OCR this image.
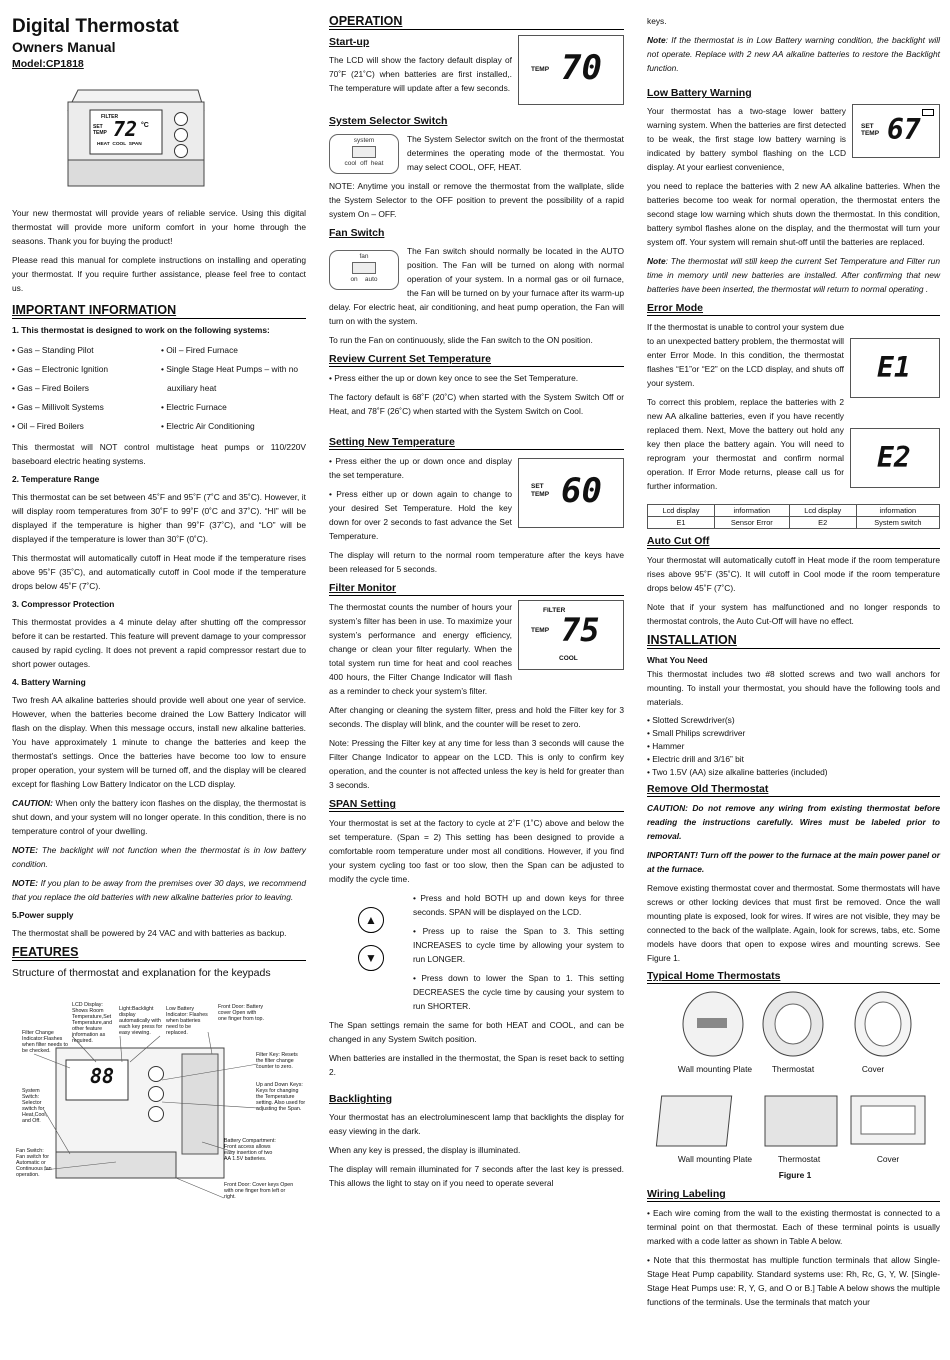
Digital Thermostat
Owners Manual
Model:CP1818
FILTER
SET
TEMP 72 °C
HEAT  COOL  SPAN

Your new thermostat will provide years of reliable service. Using this digital thermostat will provide more uniform comfort in your home through the seasons. Thank you for buying the product!

Please read this manual for complete instructions on installing and operating your thermostat. If you require further assistance, please feel free to contact us.

IMPORTANT INFORMATION
1. This thermostat is designed to work on the following systems:
• Gas – Standing Pilot	• Oil – Fired Furnace
• Gas – Electronic Ignition	• Single Stage Heat Pumps – with no
• Gas – Fired Boilers	auxiliary heat
• Gas – Millivolt Systems	• Electric Furnace
• Oil – Fired Boilers	• Electric Air Conditioning

This thermostat will NOT control multistage heat pumps or 110/220V baseboard electric heating systems.

2. Temperature Range

This thermostat can be set between 45˚F and 95˚F (7˚C and 35˚C). However, it will display room temperatures from 30˚F to 99˚F (0˚C and 37˚C). “HI” will be displayed if the temperature is higher than 99˚F (37˚C), and “LO” will be displayed if the temperature is lower than 30˚F (0˚C).

This thermostat will automatically cutoff in Heat mode if the temperature rises above 95˚F (35˚C), and automatically cutoff in Cool mode if the temperature drops below 45˚F (7˚C).

3. Compressor Protection

This thermostat provides a 4 minute delay after shutting off the compressor before it can be restarted. This feature will prevent damage to your compressor caused by rapid cycling. It does not prevent a rapid compressor restart due to short power outages.

4. Battery Warning

Two fresh AA alkaline batteries should provide well about one year of service. However, when the batteries become drained the Low Battery Indicator will flash on the display. When this message occurs, install new alkaline batteries. You have approximately 1 minute to change the batteries and keep the thermostat’s settings. Once the batteries have become too low to ensure proper operation, your system will be turned off, and the display will be cleared except for flashing Low Battery Indicator on the LCD display.

CAUTION: When only the battery icon flashes on the display, the thermostat is shut down, and your system will no longer operate. In this condition, there is no temperature control of your dwelling.

NOTE: The backlight will not function when the thermostat is in low battery condition.

NOTE: If you plan to be away from the premises over 30 days, we recommend that you replace the old batteries with new alkaline batteries prior to leaving.

5.Power supply

The thermostat shall be powered by 24 VAC and with batteries as backup.

FEATURES

Structure of thermostat and explanation for the keypads

88
LCD Display: Shows Room Temperature,Set Temperature,and other feature information as required.
Light:Backlight display automatically with each key press for easy viewing.
Low Battery Indicator: Flashes when batteries need to be replaced.
Front Door: Battery cover Open with one finger from top.
Filter Change Indicator:Flashes when filter needs to be checked.
Filter Key: Resets the filter change counter to zero.
Up and Down Keys: Keys for changing the Temperature setting. Also used for adjusting the Span.
System Switch: Selector switch for Heat,Cool, and Off.
Battery Compartment: Front access allows easy insertion of two AA 1.5V batteries.
Fan Switch: Fan switch for Automatic or Continuous fan operation.
Front Door: Cover keys Open with one finger from left or right.
OPERATION
TEMP 70
Start-up

The LCD will show the factory default display of 70˚F (21˚C) when batteries are first installed,. The temperature will update after a few seconds.

System Selector Switch
system
cool  off  heat

The System Selector switch on the front of the thermostat determines the operating mode of the thermostat. You may select COOL, OFF, HEAT.

NOTE: Anytime you install or remove the thermostat from the wallplate, slide the System Selector to the OFF position to prevent the possibility of a rapid system On – OFF.

Fan Switch
fan
on    auto

The Fan switch should normally be located in the AUTO position. The Fan will be turned on along with normal operation of your system. In a normal gas or oil furnace, the Fan will be turned on by your furnace after its warm-up delay. For electric heat, air conditioning, and heat pump operation, the Fan will turn on with the system.

To run the Fan on continuously, slide the Fan switch to the ON position.

Review Current Set Temperature

• Press either the up or down key once to see the Set Temperature.

The factory default is 68˚F (20˚C) when started with the System Switch Off or Heat, and 78˚F (26˚C) when started with the System Switch on Cool.

Setting New Temperature
SET
TEMP 60

• Press either the up or down once and display the set temperature.

• Press either up or down again to change to your desired Set Temperature. Hold the key down for over 2 seconds to fast advance the Set Temperature.

The display will return to the normal room temperature after the keys have been released for 5 seconds.

Filter Monitor
FILTER
TEMP 75
COOL

The thermostat counts the number of hours your system’s filter has been in use. To maximize your system’s performance and energy efficiency, change or clean your filter regularly. When the total system run time for heat and cool reaches 400 hours, the Filter Change Indicator will flash as a reminder to check your system’s filter.

After changing or cleaning the system filter, press and hold the Filter key for 3 seconds. The display will blink, and the counter will be reset to zero.

Note: Pressing the Filter key at any time for less than 3 seconds will cause the Filter Change Indicator to appear on the LCD. This is only to confirm key operation, and the counter is not affected unless the key is held for greater than 3 seconds.

SPAN Setting

Your thermostat is set at the factory to cycle at 2˚F (1˚C) above and below the set temperature. (Span = 2) This setting has been designed to provide a comfortable room temperature under most all conditions. However, if you find your system cycling too fast or too slow, then the Span can be adjusted to modify the cycle time.

▲
▼

• Press and hold BOTH up and down keys for three seconds. SPAN will be displayed on the LCD.

• Press up to raise the Span to 3. This setting INCREASES to cycle time by allowing your system to run LONGER.

• Press down to lower the Span to 1. This setting DECREASES the cycle time by causing your system to run SHORTER.

The Span settings remain the same for both HEAT and COOL, and can be changed in any System Switch position.

When batteries are installed in the thermostat, the Span is reset back to setting 2.

Backlighting

Your thermostat has an electroluminescent lamp that backlights the display for easy viewing in the dark.

When any key is pressed, the display is illuminated.

The display will remain illuminated for 7 seconds after the last key is pressed. This allows the light to stay on if you need to operate several

keys.

Note: If the thermostat is in Low Battery warning condition, the backlight will not operate. Replace with 2 new AA alkaline batteries to restore the Backlight function.

Low Battery Warning
SET
TEMP 67

Your thermostat has a two-stage lower battery warning system. When the batteries are first detected to be weak, the first stage low battery warning is indicated by battery symbol flashing on the LCD display. At your earliest convenience,

you need to replace the batteries with 2 new AA alkaline batteries. When the batteries become too weak for normal operation, the thermostat enters the second stage low warning which shuts down the thermostat. In this condition, battery symbol flashes alone on the display, and the thermostat will turn your system off. Your system will remain shut-off until the batteries are replaced.

Note: The thermostat will still keep the current Set Temperature and Filter run time in memory until new batteries are installed. After confirming that new batteries have been inserted, the thermostat will return to normal operating .

Error Mode
E1
E2

If the thermostat is unable to control your system due to an unexpected battery problem, the thermostat will enter Error Mode. In this condition, the thermostat flashes “E1”or “E2” on the LCD display, and shuts off your system.

To correct this problem, replace the batteries with 2 new AA alkaline batteries, even if you have recently replaced them. Next, Move the battery out hold any key then place the battery again. You will need to reprogram your thermostat and confirm normal operation. If Error Mode returns, please call us for further information.

Lcd display	information	Lcd display	information
E1	Sensor Error	E2	System switch
Auto Cut Off

Your thermostat will automatically cutoff in Heat mode if the room temperature rises above 95˚F (35˚C). It will cutoff in Cool mode if the room temperature drops below 45˚F (7˚C).

Note that if your system has malfunctioned and no longer responds to thermostat controls, the Auto Cut-Off will have no effect.

INSTALLATION
What You Need

This thermostat includes two #8 slotted screws and two wall anchors for mounting. To install your thermostat, you should have the following tools and materials.

• Slotted Screwdriver(s)
• Small Philips screwdriver
• Hammer
• Electric drill and 3/16” bit
• Two 1.5V (AA) size alkaline batteries (included)
Remove Old Thermostat

CAUTION: Do not remove any wiring from existing thermostat before reading the instructions carefully. Wires must be labeled prior to removal.

INPORTANT! Turn off the power to the furnace at the main power panel or at the furnace.

Remove existing thermostat cover and thermostat. Some thermostats will have screws or other locking devices that must first be removed. Once the wall mounting plate is exposed, look for wires. If wires are not visible, they may be connected to the back of the wallplate. Again, look for screws, tabs, etc. Some models have doors that open to expose wires and mounting screws. See Figure 1.

Typical Home Thermostats
Wall mounting Plate	Thermostat	Cover
Wall mounting Plate	Thermostat	Cover
Figure 1
Wiring Labeling

• Each wire coming from the wall to the existing thermostat is connected to a terminal point on that thermostat. Each of these terminal points is usually marked with a code latter as shown in Table A below.

• Note that this thermostat has multiple function terminals that allow Single-Stage Heat Pump capability. Standard systems use: Rh, Rc, G, Y, W. [Single-Stage Heat Pumps use: R, Y, G, and O or B.] Table A below shows the multiple functions of the terminals. Use the terminals that match your
